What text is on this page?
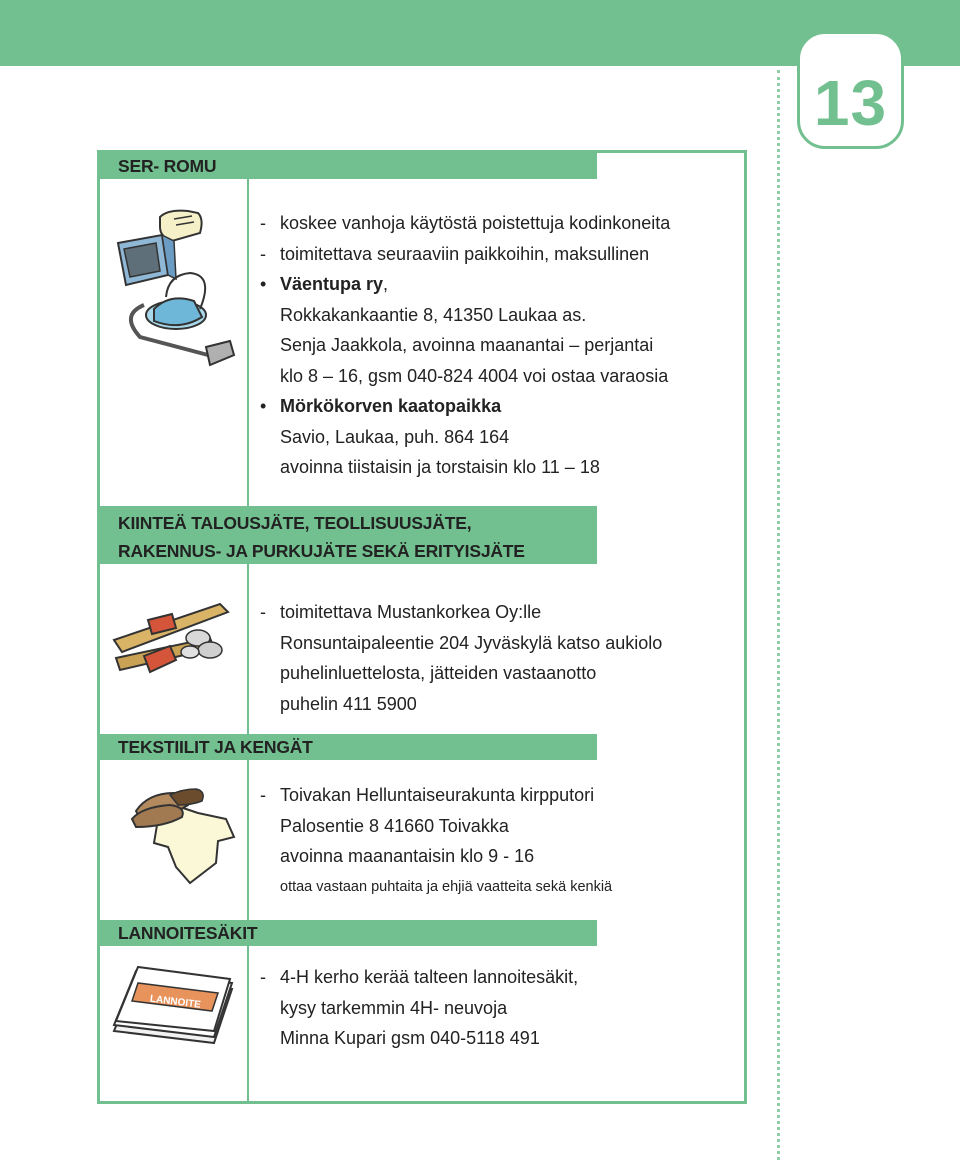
13
SER- ROMU
- koskee vanhoja käytöstä poistettuja kodinkoneita
- toimitettava seuraaviin paikkoihin, maksullinen
• Väentupa ry,
Rokkakankaantie 8, 41350 Laukaa as.
Senja Jaakkola, avoinna maanantai – perjantai
klo 8 – 16, gsm 040-824 4004 voi ostaa varaosia
• Mörkökorven kaatopaikka
Savio, Laukaa, puh. 864 164
avoinna tiistaisin ja torstaisin klo 11 – 18
KIINTEÄ TALOUSJÄTE, TEOLLISUUSJÄTE,
RAKENNUS- JA PURKUJÄTE SEKÄ ERITYISJÄTE
- toimitettava Mustankorkea Oy:lle
Ronsuntaipaleentie 204 Jyväskylä katso aukiolo
puhelinluettelosta, jätteiden vastaanotto
puhelin 411 5900
TEKSTIILIT JA KENGÄT
- Toivakan Helluntaiseurakunta kirpputori
Palosentie 8 41660 Toivakka
avoinna maanantaisin klo 9 - 16
ottaa vastaan puhtaita ja ehjiä vaatteita sekä kenkiä
LANNOITESÄKIT
LANNOITE
- 4-H kerho kerää talteen lannoitesäkit,
kysy tarkemmin 4H- neuvoja
Minna Kupari gsm 040-5118 491
